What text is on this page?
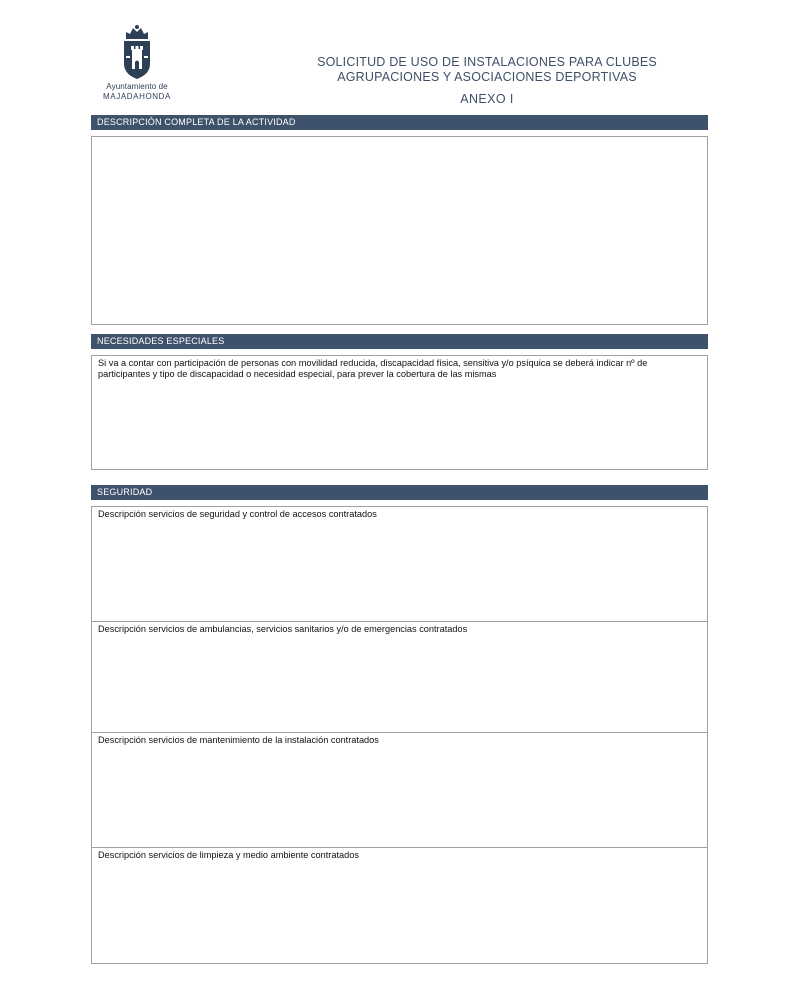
Ayuntamiento de
MAJADAHONDA
SOLICITUD DE USO DE INSTALACIONES PARA CLUBES
AGRUPACIONES Y ASOCIACIONES DEPORTIVAS
ANEXO I
DESCRIPCIÓN COMPLETA DE LA ACTIVIDAD
NECESIDADES ESPECIALES
Si va a contar con participación de personas con movilidad reducida, discapacidad física, sensitiva y/o psíquica se deberá indicar nº de participantes y tipo de discapacidad o necesidad especial, para prever la cobertura de las mismas
SEGURIDAD
Descripción servicios de seguridad y control de accesos contratados
Descripción servicios de ambulancias, servicios sanitarios y/o de emergencias contratados
Descripción servicios de mantenimiento de la instalación contratados
Descripción servicios de limpieza y medio ambiente contratados
